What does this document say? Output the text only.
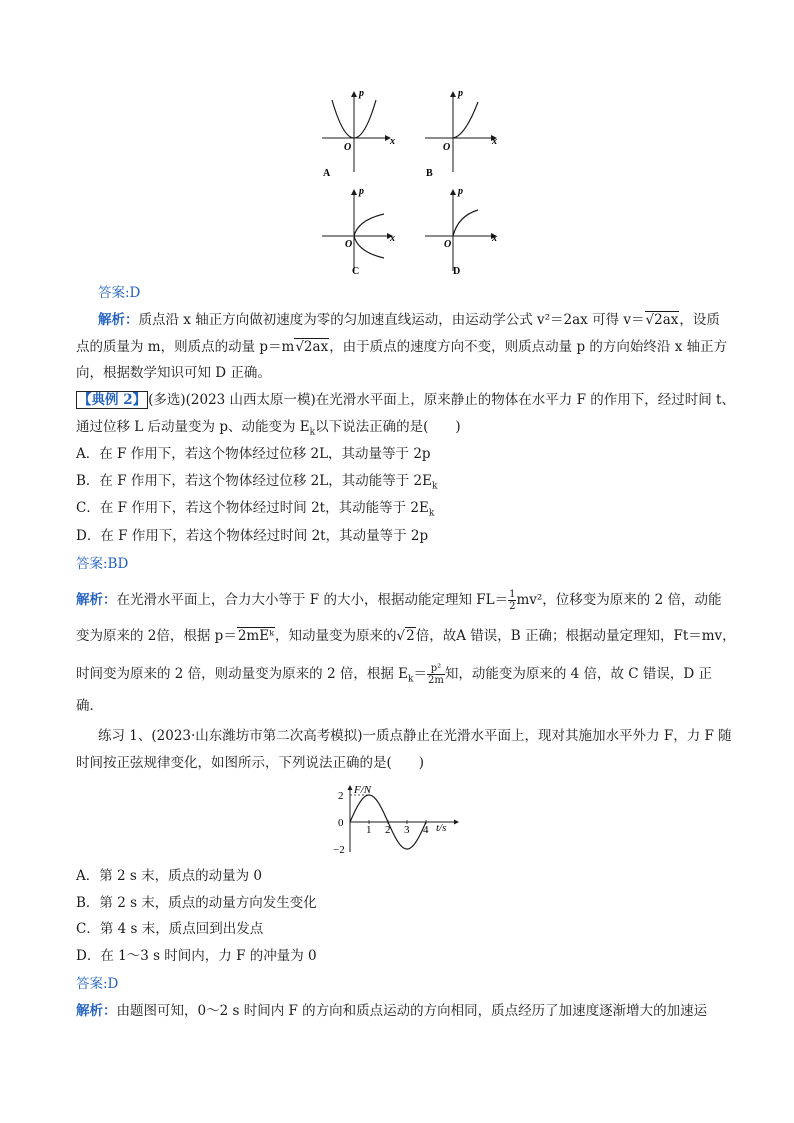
p
x
O
A
p
x
O
B
p
x
O
C
p
x
O
D
答案:D
解析：质点沿 x 轴正方向做初速度为零的匀加速直线运动，由运动学公式 v²＝2ax 可得 v＝√2ax，设质
点的质量为 m，则质点的动量 p＝m√2ax，由于质点的速度方向不变，则质点动量 p 的方向始终沿 x 轴正方
向，根据数学知识可知 D 正确。
【典例 2】 (多选)(2023 山西太原一模)在光滑水平面上，原来静止的物体在水平力 F 的作用下，经过时间 t、
通过位移 L 后动量变为 p、动能变为 $E_k$以下说法正确的是(　　)
A．在 F 作用下，若这个物体经过位移 2L，其动量等于 2p
B．在 F 作用下，若这个物体经过位移 2L，其动能等于 $2E_k$
C．在 F 作用下，若这个物体经过时间 2t，其动能等于 $2E_k$
D．在 F 作用下，若这个物体经过时间 2t，其动量等于 2p
答案:BD
解析：在光滑水平面上，合力大小等于 F 的大小，根据动能定理知 $FL= \frac{1}{2} mv^2$，位移变为原来的 2 倍，动能
变为原来的 2倍，根据 p＝2mEᵏ，知动量变为原来的√2倍，故A 错误，B 正确；根据动量定理知，Ft＝mv，
时间变为原来的 2 倍，则动量变为原来的 2 倍，根据 $E_k= \frac{\text{p²}}{2m}$ 知，动能变为原来的 4 倍，故 C 错误，D 正
确．
练习 1、(2023·山东潍坊市第二次高考模拟)一质点静止在光滑水平面上，现对其施加水平外力 F，力 F 随
时间按正弦规律变化，如图所示，下列说法正确的是(　　)
F/N
t/s
1 2 3 4
2
0
−2
A．第 2 s 末，质点的动量为 0
B．第 2 s 末，质点的动量方向发生变化
C．第 4 s 末，质点回到出发点
D．在 1～3 s 时间内，力 F 的冲量为 0
答案:D
解析：由题图可知，0～2 s 时间内 F 的方向和质点运动的方向相同，质点经历了加速度逐渐增大的加速运
